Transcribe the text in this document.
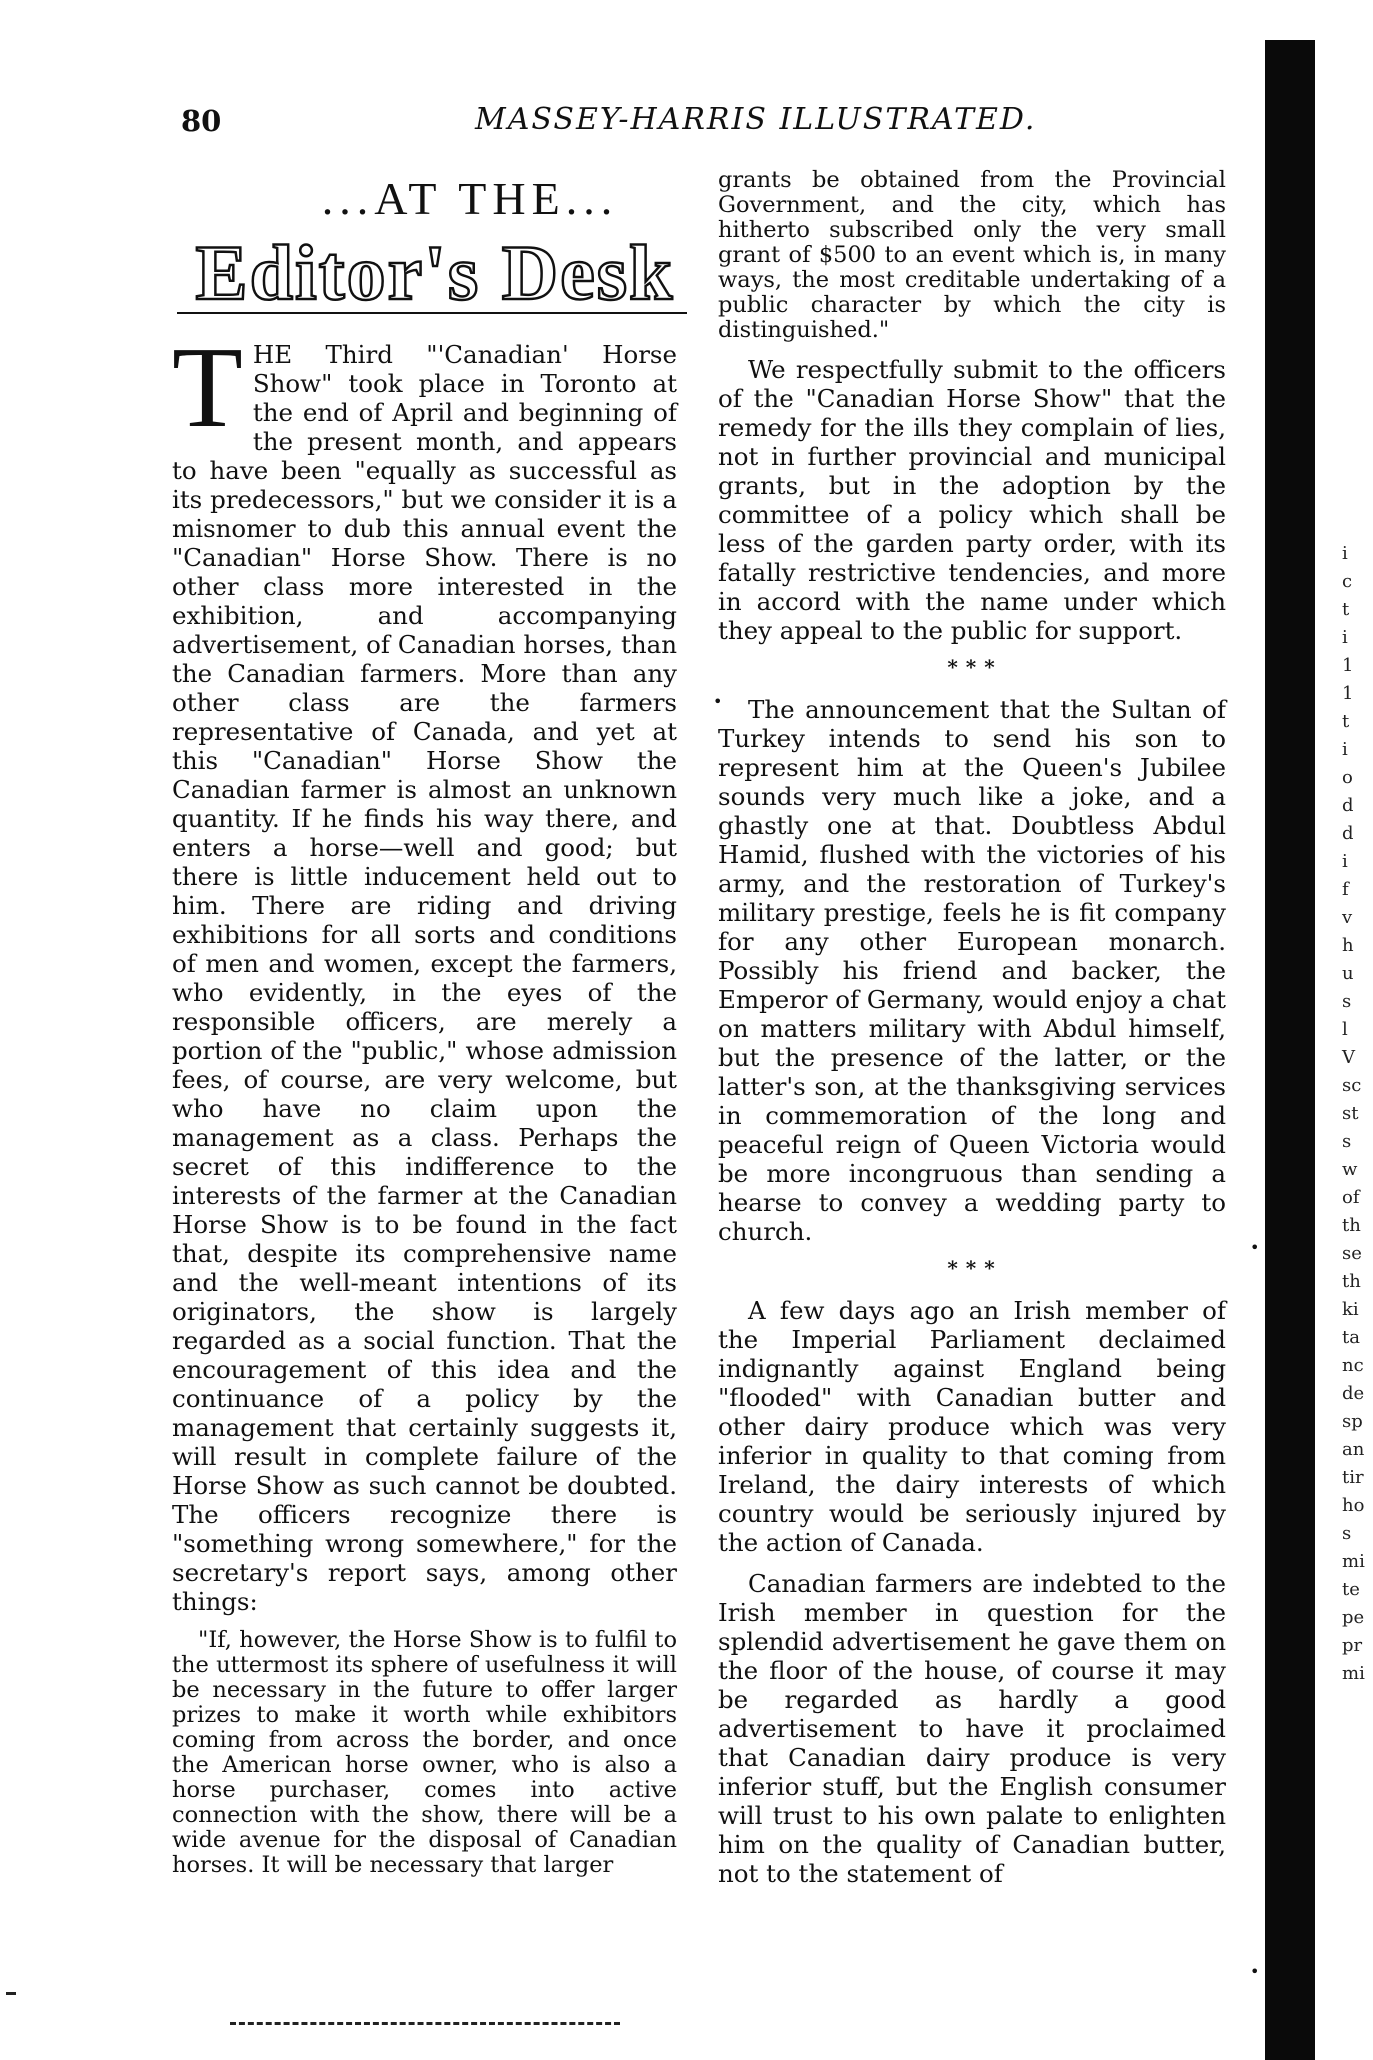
80	MASSEY-HARRIS ILLUSTRATED.
...AT THE...
Editor's Desk

THE Third "'Canadian' Horse Show" took place in Toronto at the end of April and beginning of the present month, and appears to have been "equally as successful as its predecessors," but we consider it is a misnomer to dub this annual event the "Canadian" Horse Show. There is no other class more interested in the exhibition, and accompanying advertisement, of Canadian horses, than the Canadian farmers. More than any other class are the farmers representative of Canada, and yet at this "Canadian" Horse Show the Canadian farmer is almost an unknown quantity. If he finds his way there, and enters a horse—well and good; but there is little inducement held out to him. There are riding and driving exhibitions for all sorts and conditions of men and women, except the farmers, who evidently, in the eyes of the responsible officers, are merely a portion of the "public," whose admission fees, of course, are very welcome, but who have no claim upon the management as a class. Perhaps the secret of this indifference to the interests of the farmer at the Canadian Horse Show is to be found in the fact that, despite its comprehensive name and the well-meant intentions of its originators, the show is largely regarded as a social function. That the encouragement of this idea and the continuance of a policy by the management that certainly suggests it, will result in complete failure of the Horse Show as such cannot be doubted. The officers recognize there is "something wrong somewhere," for the secretary's report says, among other things:

"If, however, the Horse Show is to fulfil to the uttermost its sphere of usefulness it will be necessary in the future to offer larger prizes to make it worth while exhibitors coming from across the border, and once the American horse owner, who is also a horse purchaser, comes into active connection with the show, there will be a wide avenue for the disposal of Canadian horses. It will be necessary that larger

grants be obtained from the Provincial Government, and the city, which has hitherto subscribed only the very small grant of $500 to an event which is, in many ways, the most creditable undertaking of a public character by which the city is distinguished."

We respectfully submit to the officers of the "Canadian Horse Show" that the remedy for the ills they complain of lies, not in further provincial and municipal grants, but in the adoption by the committee of a policy which shall be less of the garden party order, with its fatally restrictive tendencies, and more in accord with the name under which they appeal to the public for support.

* * *

The announcement that the Sultan of Turkey intends to send his son to represent him at the Queen's Jubilee sounds very much like a joke, and a ghastly one at that. Doubtless Abdul Hamid, flushed with the victories of his army, and the restoration of Turkey's military prestige, feels he is fit company for any other European monarch. Possibly his friend and backer, the Emperor of Germany, would enjoy a chat on matters military with Abdul himself, but the presence of the latter, or the latter's son, at the thanksgiving services in commemoration of the long and peaceful reign of Queen Victoria would be more incongruous than sending a hearse to convey a wedding party to church.

* * *

A few days ago an Irish member of the Imperial Parliament declaimed indignantly against England being "flooded" with Canadian butter and other dairy produce which was very inferior in quality to that coming from Ireland, the dairy interests of which country would be seriously injured by the action of Canada.

Canadian farmers are indebted to the Irish member in question for the splendid advertisement he gave them on the floor of the house, of course it may be regarded as hardly a good advertisement to have it proclaimed that Canadian dairy produce is very inferior stuff, but the English consumer will trust to his own palate to enlighten him on the quality of Canadian butter, not to the statement of

•
•
•
i
c
t
i
1
1
t
i
o
d
d
i
f
v
h
u
s
l
V
sc
st
s
w
of
th
se
th
ki
ta
nc
de
sp
an
tir
ho
s
mi
te
pe
pr
mi
